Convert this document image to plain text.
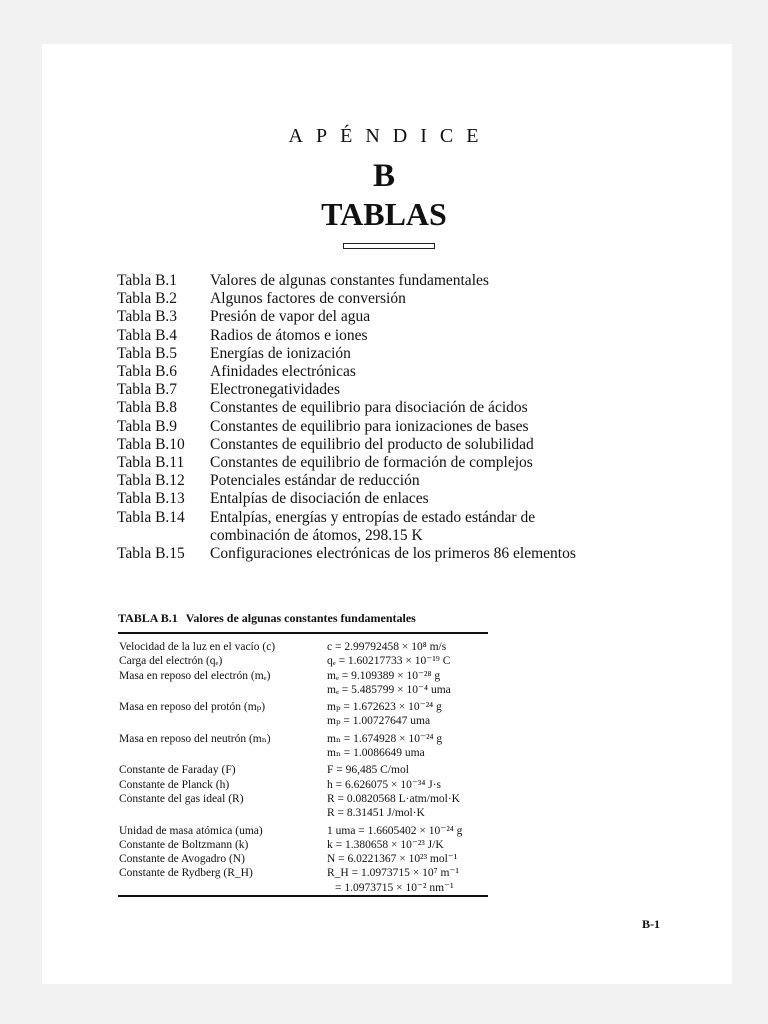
APÉNDICE
B
TABLAS
Tabla B.1	Valores de algunas constantes fundamentales
Tabla B.2	Algunos factores de conversión
Tabla B.3	Presión de vapor del agua
Tabla B.4	Radios de átomos e iones
Tabla B.5	Energías de ionización
Tabla B.6	Afinidades electrónicas
Tabla B.7	Electronegatividades
Tabla B.8	Constantes de equilibrio para disociación de ácidos
Tabla B.9	Constantes de equilibrio para ionizaciones de bases
Tabla B.10	Constantes de equilibrio del producto de solubilidad
Tabla B.11	Constantes de equilibrio de formación de complejos
Tabla B.12	Potenciales estándar de reducción
Tabla B.13	Entalpías de disociación de enlaces
Tabla B.14	Entalpías, energías y entropías de estado estándar de
combinación de átomos, 298.15 K
Tabla B.15	Configuraciones electrónicas de los primeros 86 elementos
TABLA B.1 Valores de algunas constantes fundamentales
Velocidad de la luz en el vacío (c)	c = 2.99792458 × 10⁸ m/s
Carga del electrón (qₑ)	qₑ = 1.60217733 × 10⁻¹⁹ C
Masa en reposo del electrón (mₑ)	mₑ = 9.109389 × 10⁻²⁸ g
mₑ = 5.485799 × 10⁻⁴ uma
Masa en reposo del protón (mₚ)	mₚ = 1.672623 × 10⁻²⁴ g
mₚ = 1.00727647 uma
Masa en reposo del neutrón (mₙ)	mₙ = 1.674928 × 10⁻²⁴ g
mₙ = 1.0086649 uma
Constante de Faraday (F)	F = 96,485 C/mol
Constante de Planck (h)	h = 6.626075 × 10⁻³⁴ J·s
Constante del gas ideal (R)	R = 0.0820568 L·atm/mol·K
R = 8.31451 J/mol·K
Unidad de masa atómica (uma)	1 uma = 1.6605402 × 10⁻²⁴ g
Constante de Boltzmann (k)	k = 1.380658 × 10⁻²³ J/K
Constante de Avogadro (N)	N = 6.0221367 × 10²³ mol⁻¹
Constante de Rydberg (R_H)	R_H = 1.0973715 × 10⁷ m⁻¹
= 1.0973715 × 10⁻² nm⁻¹
B-1
